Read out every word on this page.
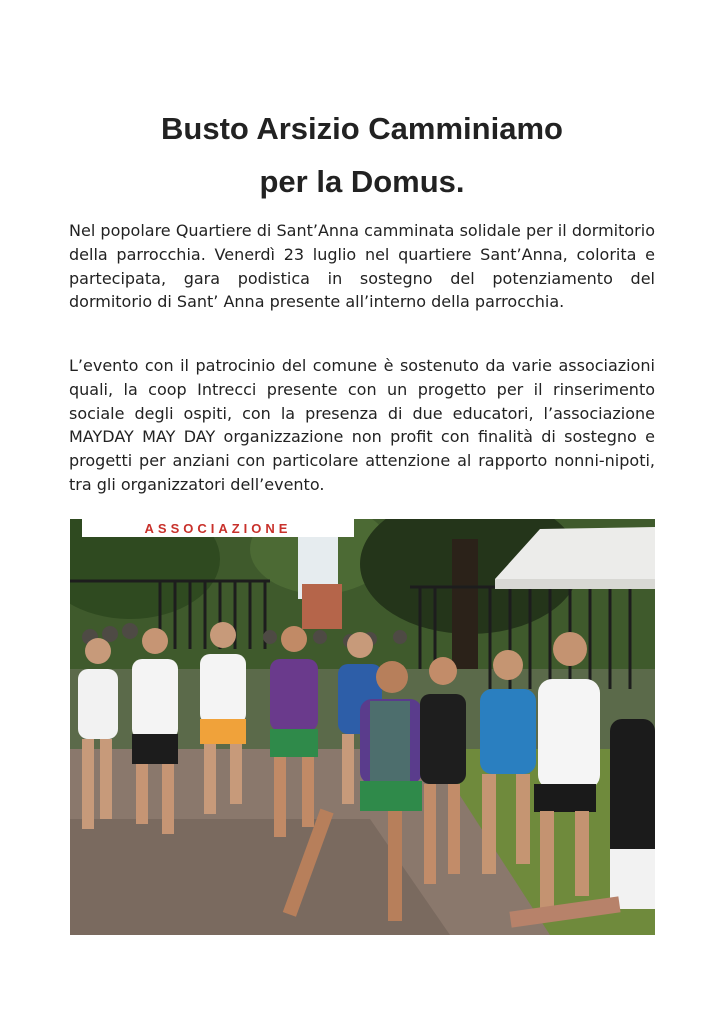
Busto Arsizio Camminiamo
per la Domus.

Nel popolare Quartiere di Sant’Anna camminata solidale per il dormitorio della parrocchia. Venerdì 23 luglio nel quartiere Sant’Anna, colorita e partecipata, gara podistica in sostegno del potenziamento del dormitorio di Sant’ Anna presente all’interno della parrocchia.

L’evento con il patrocinio del comune è sostenuto da varie associazioni quali, la coop Intrecci presente con un progetto per il rinserimento sociale degli ospiti, con la presenza di due educatori, l’associazione MAYDAY MAY DAY organizzazione non profit con finalità di sostegno e progetti per anziani con particolare attenzione al rapporto nonni-nipoti, tra gli organizzatori dell’evento.

ASSOCIAZIONE
